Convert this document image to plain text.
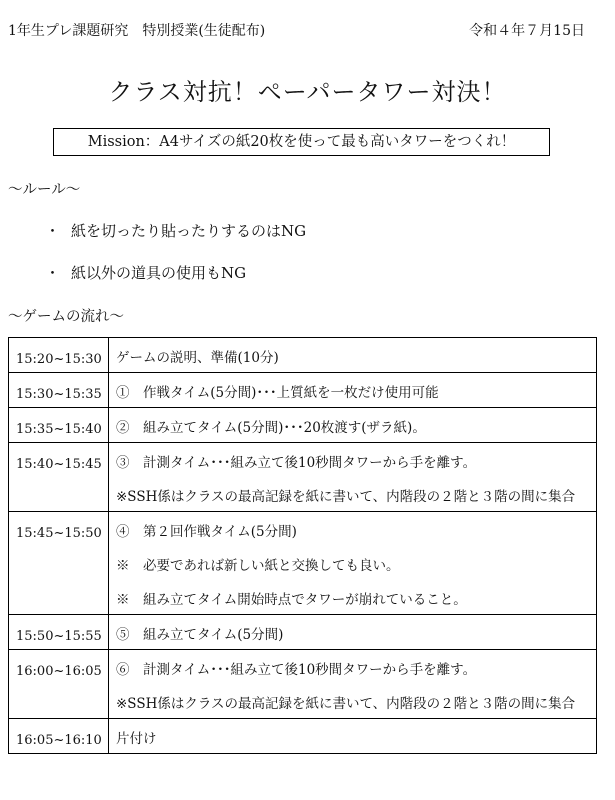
1年生プレ課題研究　特別授業(生徒配布)	令和４年７月15日
クラス対抗！ペーパータワー対決！
Mission：A4サイズの紙20枚を使って最も高いタワーをつくれ！
〜ルール〜
・ 紙を切ったり貼ったりするのはNG
・ 紙以外の道具の使用もNG
〜ゲームの流れ〜
15:20~15:30	ゲームの説明、準備(10分)
15:30~15:35	①　作戦タイム(5分間)･･･上質紙を一枚だけ使用可能
15:35~15:40	②　組み立てタイム(5分間)･･･20枚渡す(ザラ紙)。
15:40~15:45	③　計測タイム･･･組み立て後10秒間タワーから手を離す。
※SSH係はクラスの最高記録を紙に書いて、内階段の２階と３階の間に集合
15:45~15:50	④　第２回作戦タイム(5分間)
※　必要であれば新しい紙と交換しても良い。
※　組み立てタイム開始時点でタワーが崩れていること。
15:50~15:55	⑤　組み立てタイム(5分間)
16:00~16:05	⑥　計測タイム･･･組み立て後10秒間タワーから手を離す。
※SSH係はクラスの最高記録を紙に書いて、内階段の２階と３階の間に集合
16:05~16:10	片付け
